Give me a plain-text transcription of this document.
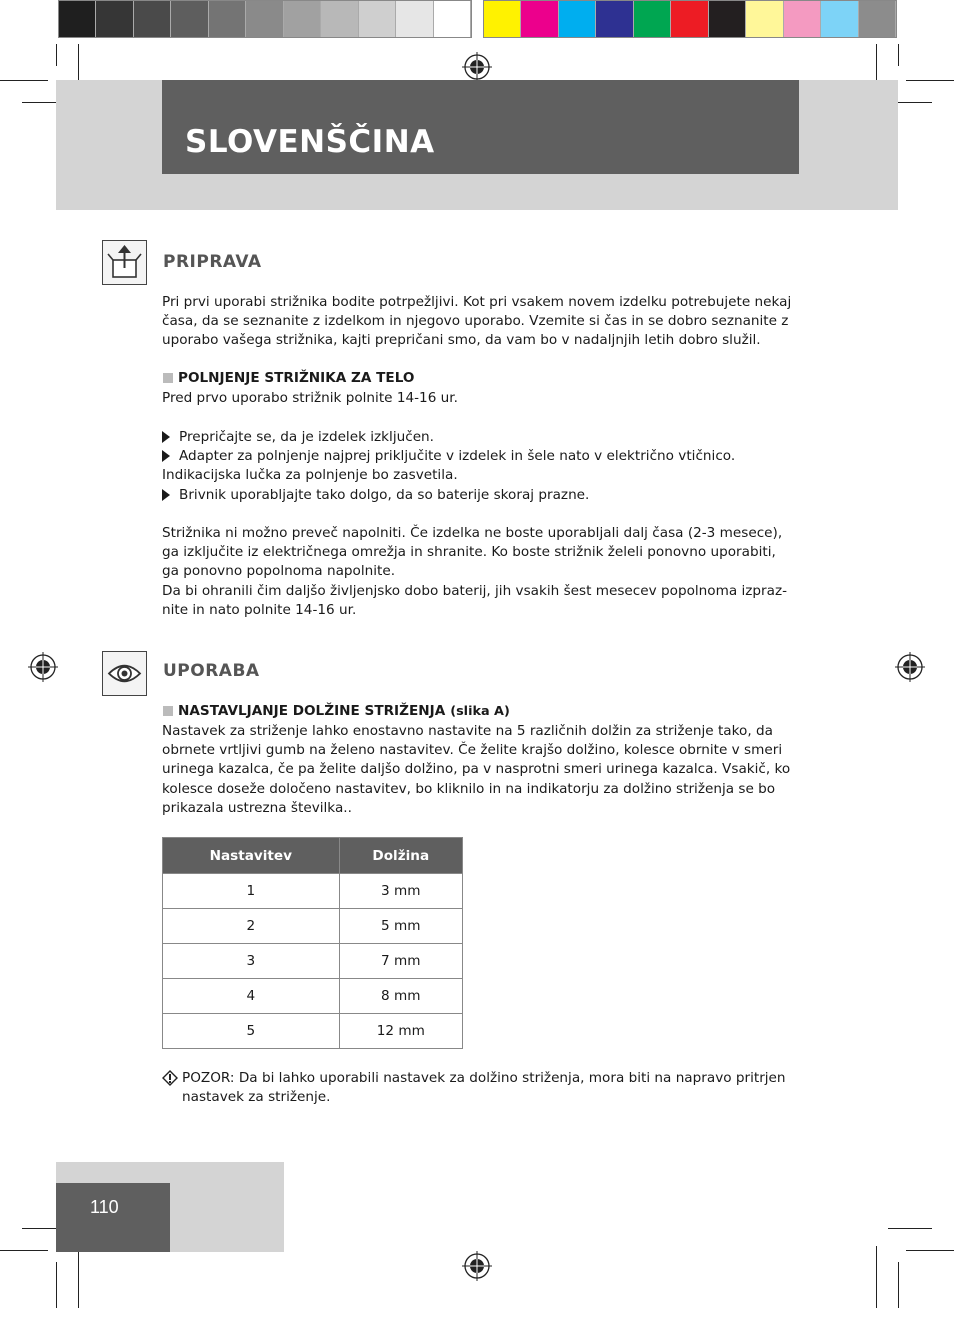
SLOVENŠČINA
PRIPRAVA

Pri prvi uporabi strižnika bodite potrpežljivi. Kot pri vsakem novem izdelku potrebujete nekaj časa, da se seznanite z izdelkom in njegovo uporabo. Vzemite si čas in se dobro seznanite z uporabo vašega strižnika, kajti prepričani smo, da vam bo v nadaljnjih letih dobro služil.

POLNJENJE STRIŽNIKA ZA TELO

Pred prvo uporabo strižnik polnite 14-16 ur.

Prepričajte se, da je izdelek izključen.
Adapter za polnjenje najprej priključite v izdelek in šele nato v električno vtičnico.
Indikacijska lučka za polnjenje bo zasvetila.
Brivnik uporabljajte tako dolgo, da so baterije skoraj prazne.

Strižnika ni možno preveč napolniti. Če izdelka ne boste uporabljali dalj časa (2-3 mesece), ga izključite iz električnega omrežja in shranite. Ko boste strižnik želeli ponovno uporabiti, ga ponovno popolnoma napolnite.

Da bi ohranili čim daljšo življenjsko dobo baterij, jih vsakih šest mesecev popolnoma izpraz-nite in nato polnite 14-16 ur.

UPORABA
NASTAVLJANJE DOLŽINE STRIŽENJA (slika A)

Nastavek za striženje lahko enostavno nastavite na 5 različnih dolžin za striženje tako, da obrnete vrtljivi gumb na želeno nastavitev. Če želite krajšo dolžino, kolesce obrnite v smeri urinega kazalca, če pa želite daljšo dolžino, pa v nasprotni smeri urinega kazalca. Vsakič, ko kolesce doseže določeno nastavitev, bo kliknilo in na indikatorju za dolžino striženja se bo prikazala ustrezna številka..

Nastavitev	Dolžina
1	3 mm
2	5 mm
3	7 mm
4	8 mm
5	12 mm
POZOR: Da bi lahko uporabili nastavek za dolžino striženja, mora biti na napravo pritrjen nastavek za striženje.
110
